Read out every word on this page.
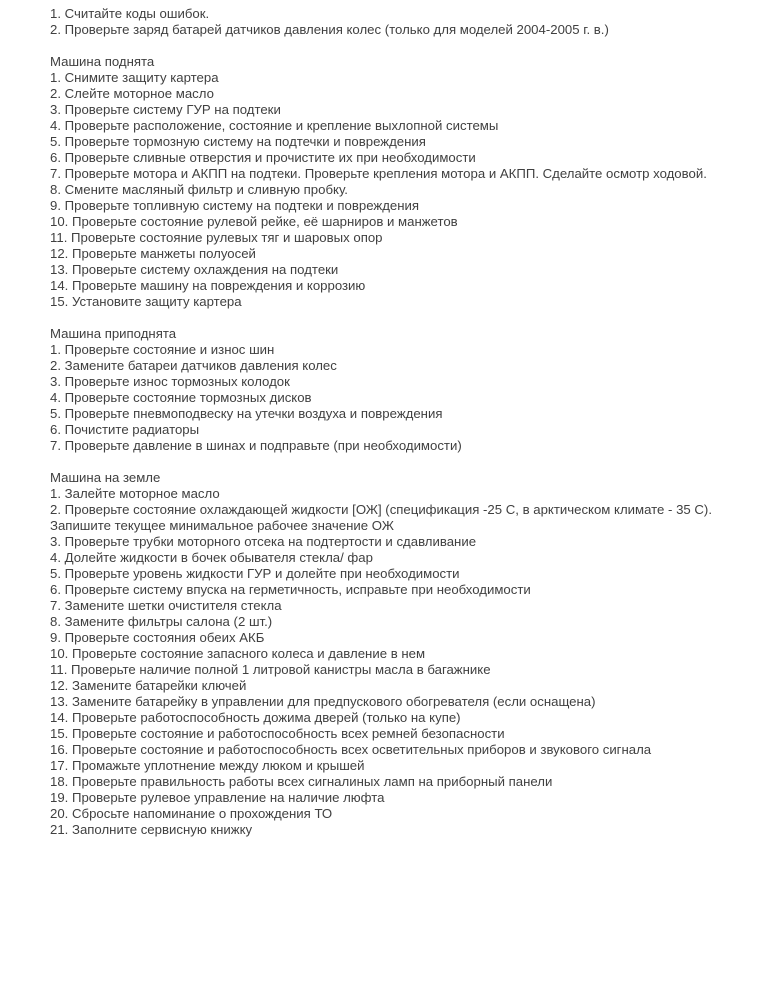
1. Считайте коды ошибок.
2. Проверьте заряд батарей датчиков давления колес (только для моделей 2004-2005 г. в.)
Машина поднята
1. Снимите защиту картера
2. Слейте моторное масло
3. Проверьте систему ГУР на подтеки
4. Проверьте расположение, состояние и крепление выхлопной системы
5. Проверьте тормозную систему на подтечки и повреждения
6. Проверьте сливные отверстия и прочистите их при необходимости
7. Проверьте мотора и АКПП на подтеки. Проверьте крепления мотора и АКПП. Сделайте осмотр ходовой.
8. Смените масляный фильтр и сливную пробку.
9. Проверьте топливную систему на подтеки и повреждения
10. Проверьте состояние рулевой рейке, её шарниров и манжетов
11. Проверьте состояние рулевых тяг и шаровых опор
12. Проверьте манжеты полуосей
13. Проверьте систему охлаждения на подтеки
14. Проверьте машину на повреждения и коррозию
15. Установите защиту картера
Машина приподнята
1. Проверьте состояние и износ шин
2. Замените батареи датчиков давления колес
3. Проверьте износ тормозных колодок
4. Проверьте состояние тормозных дисков
5. Проверьте пневмоподвеску на утечки воздуха и повреждения
6. Почистите радиаторы
7. Проверьте давление в шинах и подправьте (при необходимости)
Машина на земле
1. Залейте моторное масло
2. Проверьте состояние охлаждающей жидкости [ОЖ] (спецификация -25 С, в арктическом климате - 35 С).
Запишите текущее минимальное рабочее значение ОЖ
3. Проверьте трубки моторного отсека на подтертости и сдавливание
4. Долейте жидкости в бочек обывателя стекла/ фар
5. Проверьте уровень жидкости ГУР и долейте при необходимости
6. Проверьте систему впуска на герметичность, исправьте при необходимости
7. Замените шетки очистителя стекла
8. Замените фильтры салона (2 шт.)
9. Проверьте состояния обеих АКБ
10. Проверьте состояние запасного колеса и давление в нем
11. Проверьте наличие полной 1 литровой канистры масла в багажнике
12. Замените батарейки ключей
13. Замените батарейку в управлении для предпускового обогревателя (если оснащена)
14. Проверьте работоспособность дожима дверей (только на купе)
15. Проверьте состояние и работоспособность всех ремней безопасности
16. Проверьте состояние и работоспособность всех осветительных приборов и звукового сигнала
17. Промажьте уплотнение между люком и крышей
18. Проверьте правильность работы всех сигналиных ламп на приборный панели
19. Проверьте рулевое управление на наличие люфта
20. Сбросьте напоминание о прохождения ТО
21. Заполните сервисную книжку
